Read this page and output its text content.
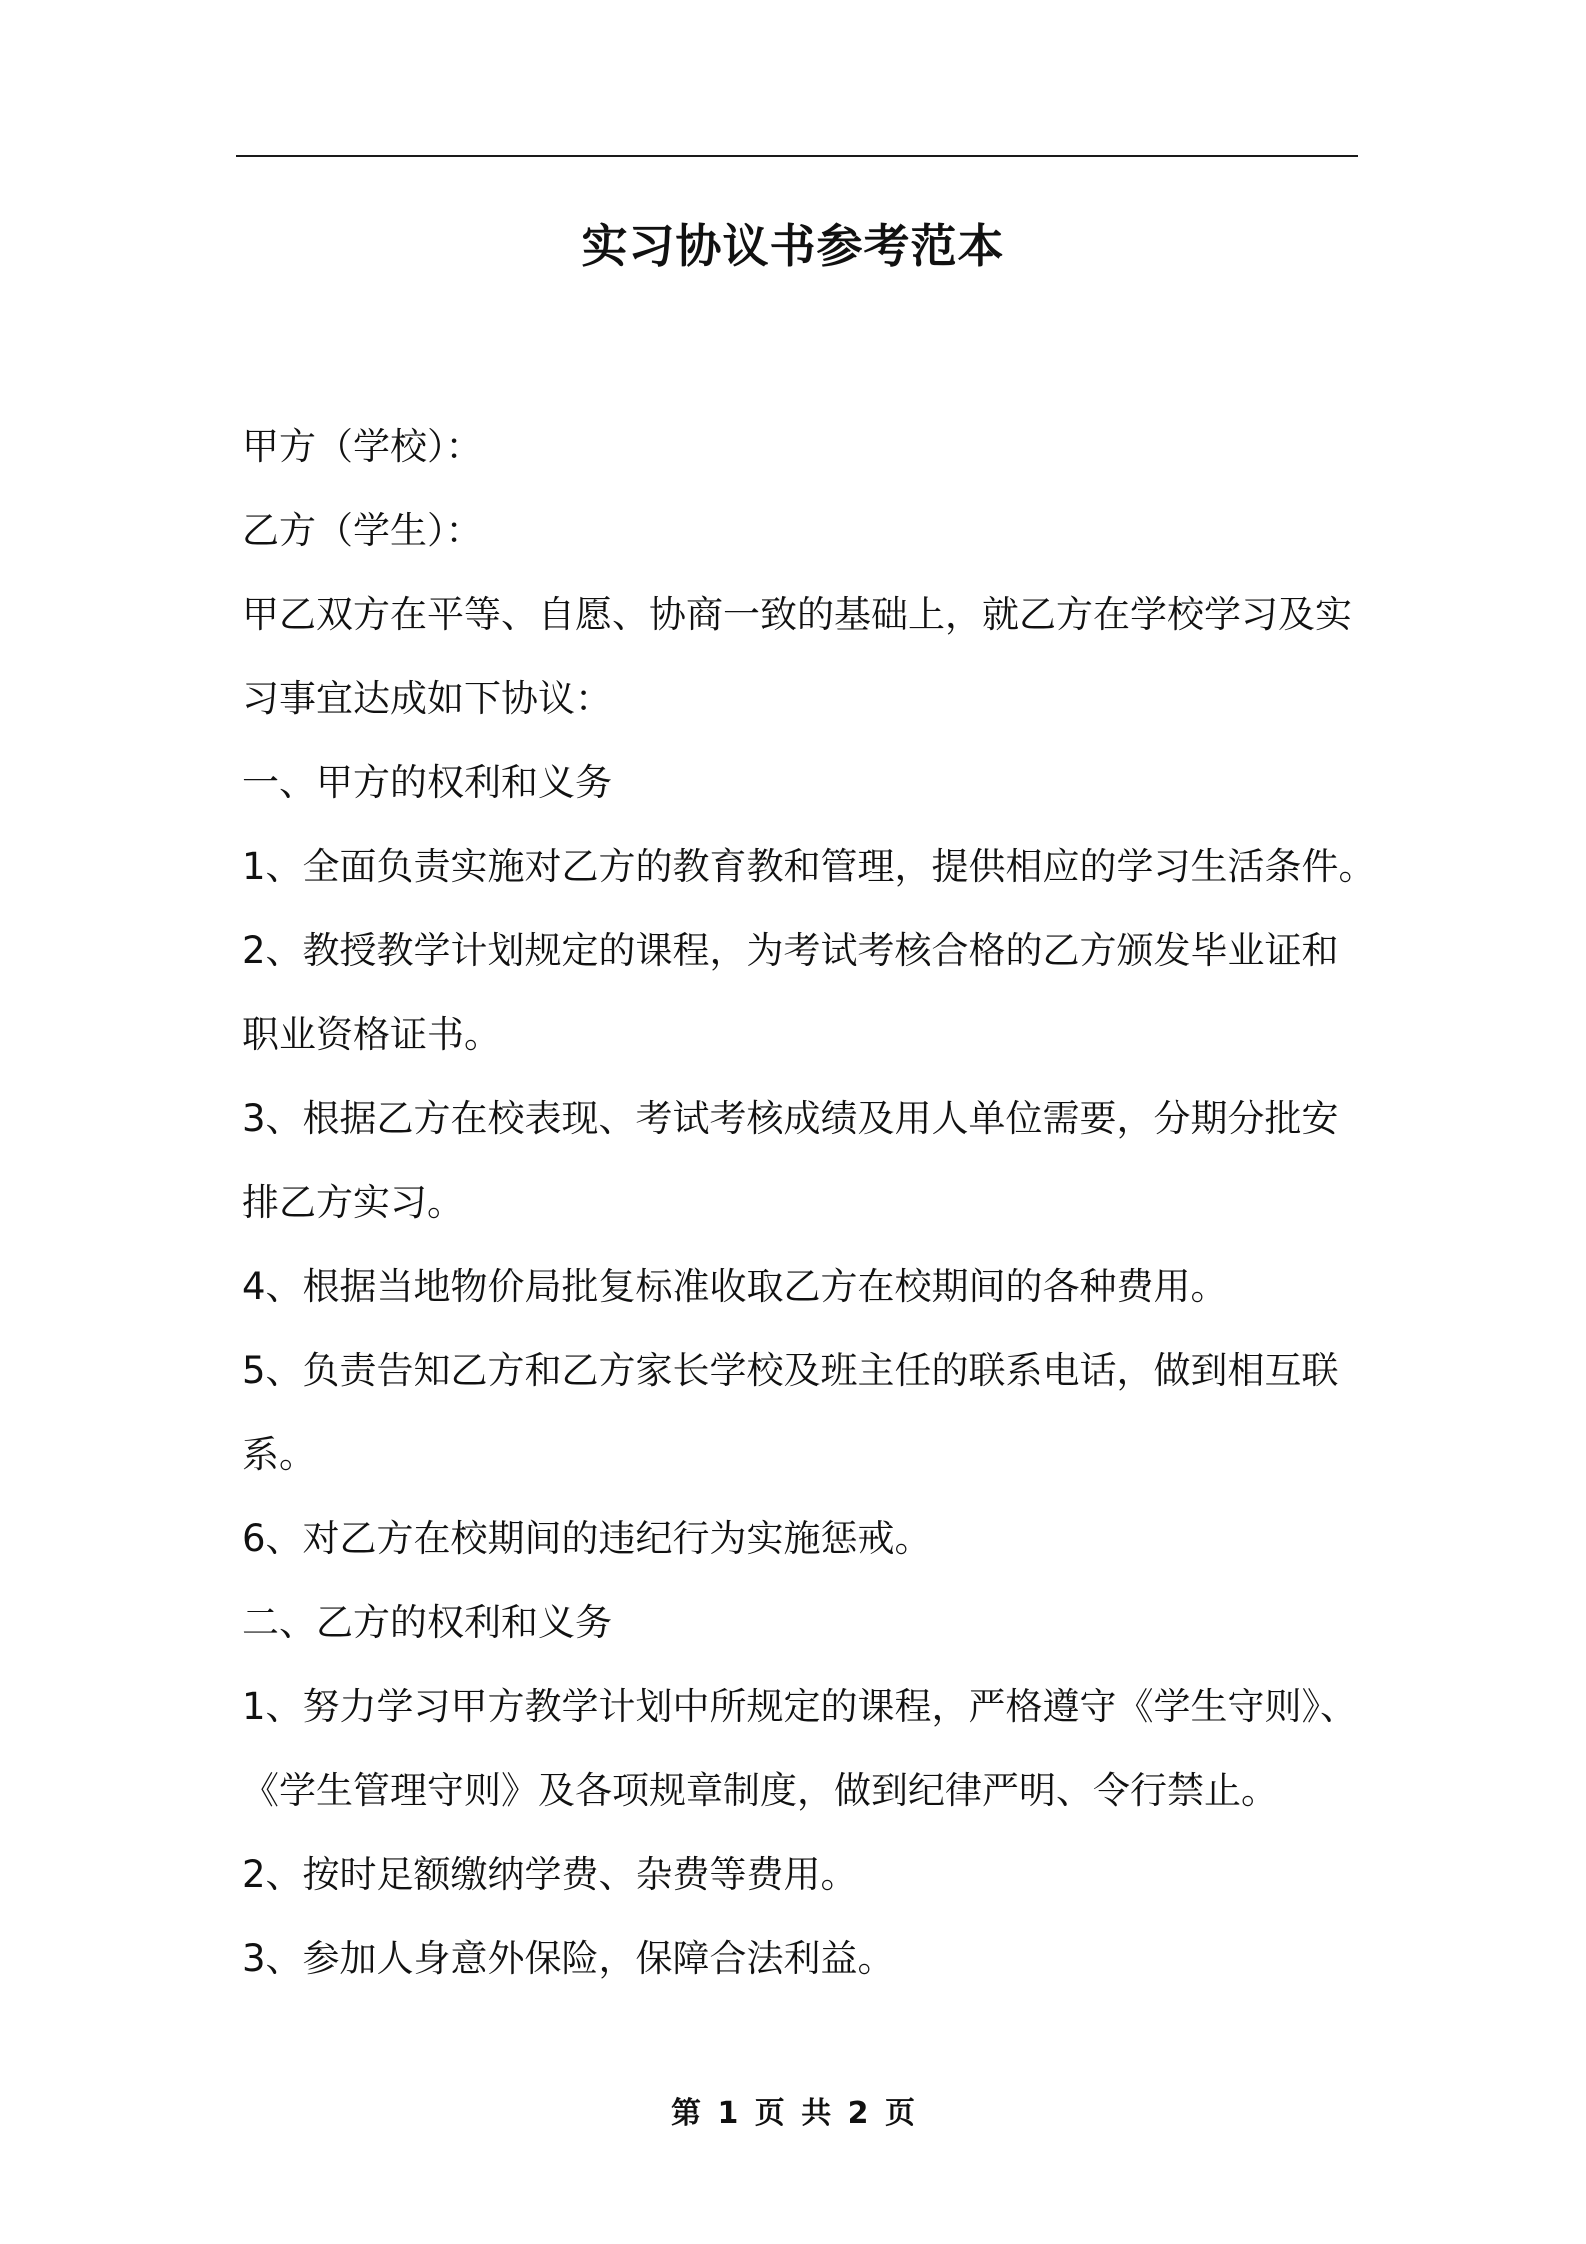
实习协议书参考范本
甲方（学校）：
乙方（学生）：
甲乙双方在平等、自愿、协商一致的基础上，就乙方在学校学习及实
习事宜达成如下协议：
一、甲方的权利和义务
1、全面负责实施对乙方的教育教和管理，提供相应的学习生活条件。
2、教授教学计划规定的课程，为考试考核合格的乙方颁发毕业证和
职业资格证书。
3、根据乙方在校表现、考试考核成绩及用人单位需要，分期分批安
排乙方实习。
4、根据当地物价局批复标准收取乙方在校期间的各种费用。
5、负责告知乙方和乙方家长学校及班主任的联系电话，做到相互联
系。
6、对乙方在校期间的违纪行为实施惩戒。
二、乙方的权利和义务
1、努力学习甲方教学计划中所规定的课程，严格遵守《学生守则》、
《学生管理守则》及各项规章制度，做到纪律严明、令行禁止。
2、按时足额缴纳学费、杂费等费用。
3、参加人身意外保险，保障合法利益。
第 1 页 共 2 页
